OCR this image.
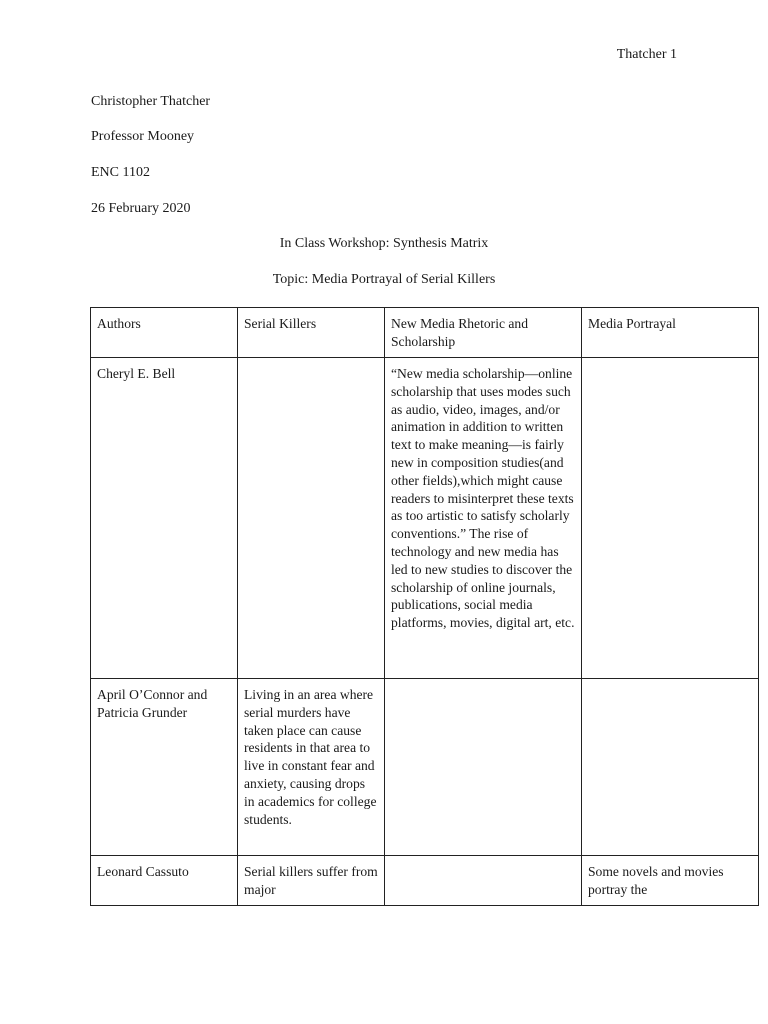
Thatcher 1
Christopher Thatcher
Professor Mooney
ENC 1102
26 February 2020
In Class Workshop: Synthesis Matrix
Topic: Media Portrayal of Serial Killers
Authors	Serial Killers	New Media Rhetoric and Scholarship	Media Portrayal
Cheryl E. Bell		“New media scholarship—online scholarship that uses modes such as audio, video, images, and/or animation in addition to written text to make meaning—is fairly new in composition studies(and other fields),which might cause readers to misinterpret these texts as too artistic to satisfy scholarly conventions.” The rise of technology and new media has led to new studies to discover the scholarship of online journals, publications, social media platforms, movies, digital art, etc.	
April O’Connor and Patricia Grunder	Living in an area where serial murders have taken place can cause residents in that area to live in constant fear and anxiety, causing drops in academics for college students.		
Leonard Cassuto	Serial killers suffer from major		Some novels and movies portray the
